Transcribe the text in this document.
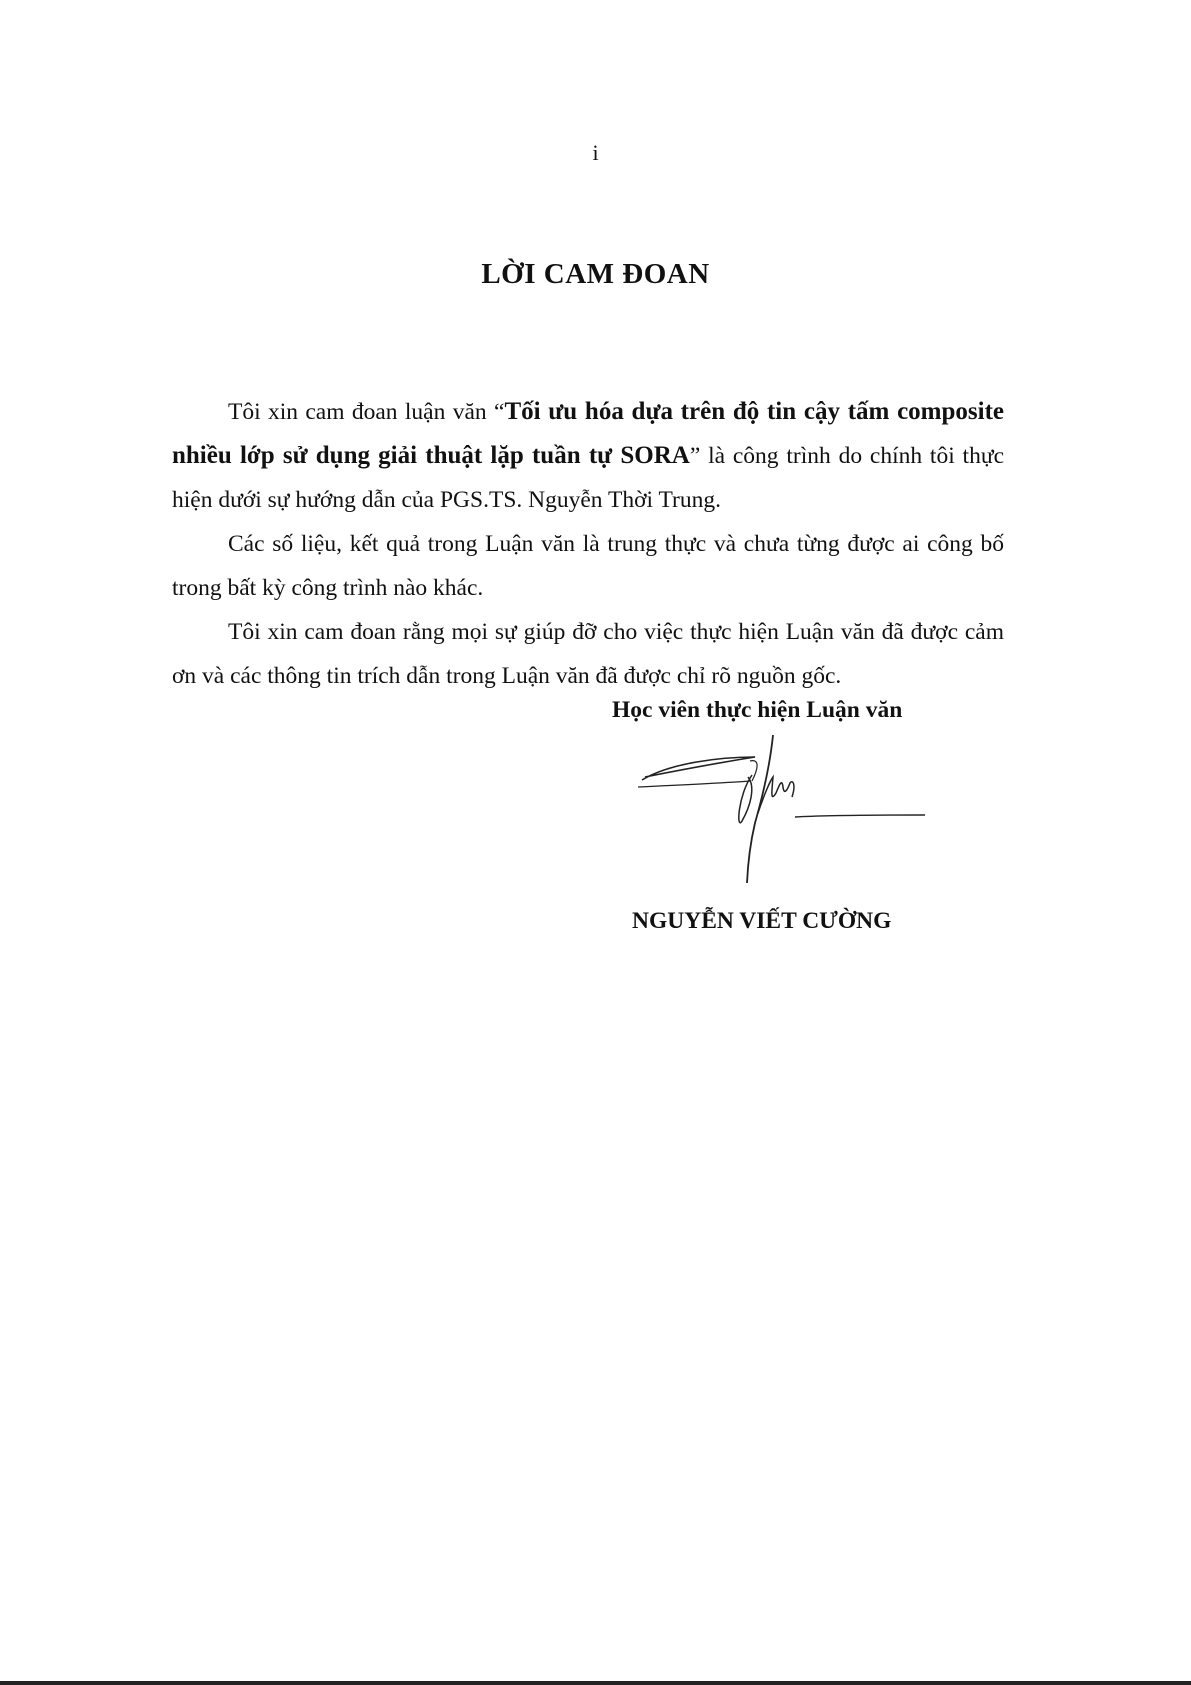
i
LỜI CAM ĐOAN

Tôi xin cam đoan luận văn “Tối ưu hóa dựa trên độ tin cậy tấm composite nhiều lớp sử dụng giải thuật lặp tuần tự SORA” là công trình do chính tôi thực hiện dưới sự hướng dẫn của PGS.TS. Nguyễn Thời Trung.

Các số liệu, kết quả trong Luận văn là trung thực và chưa từng được ai công bố trong bất kỳ công trình nào khác.

Tôi xin cam đoan rằng mọi sự giúp đỡ cho việc thực hiện Luận văn đã được cảm ơn và các thông tin trích dẫn trong Luận văn đã được chỉ rõ nguồn gốc.

Học viên thực hiện Luận văn
NGUYỄN VIẾT CƯỜNG
